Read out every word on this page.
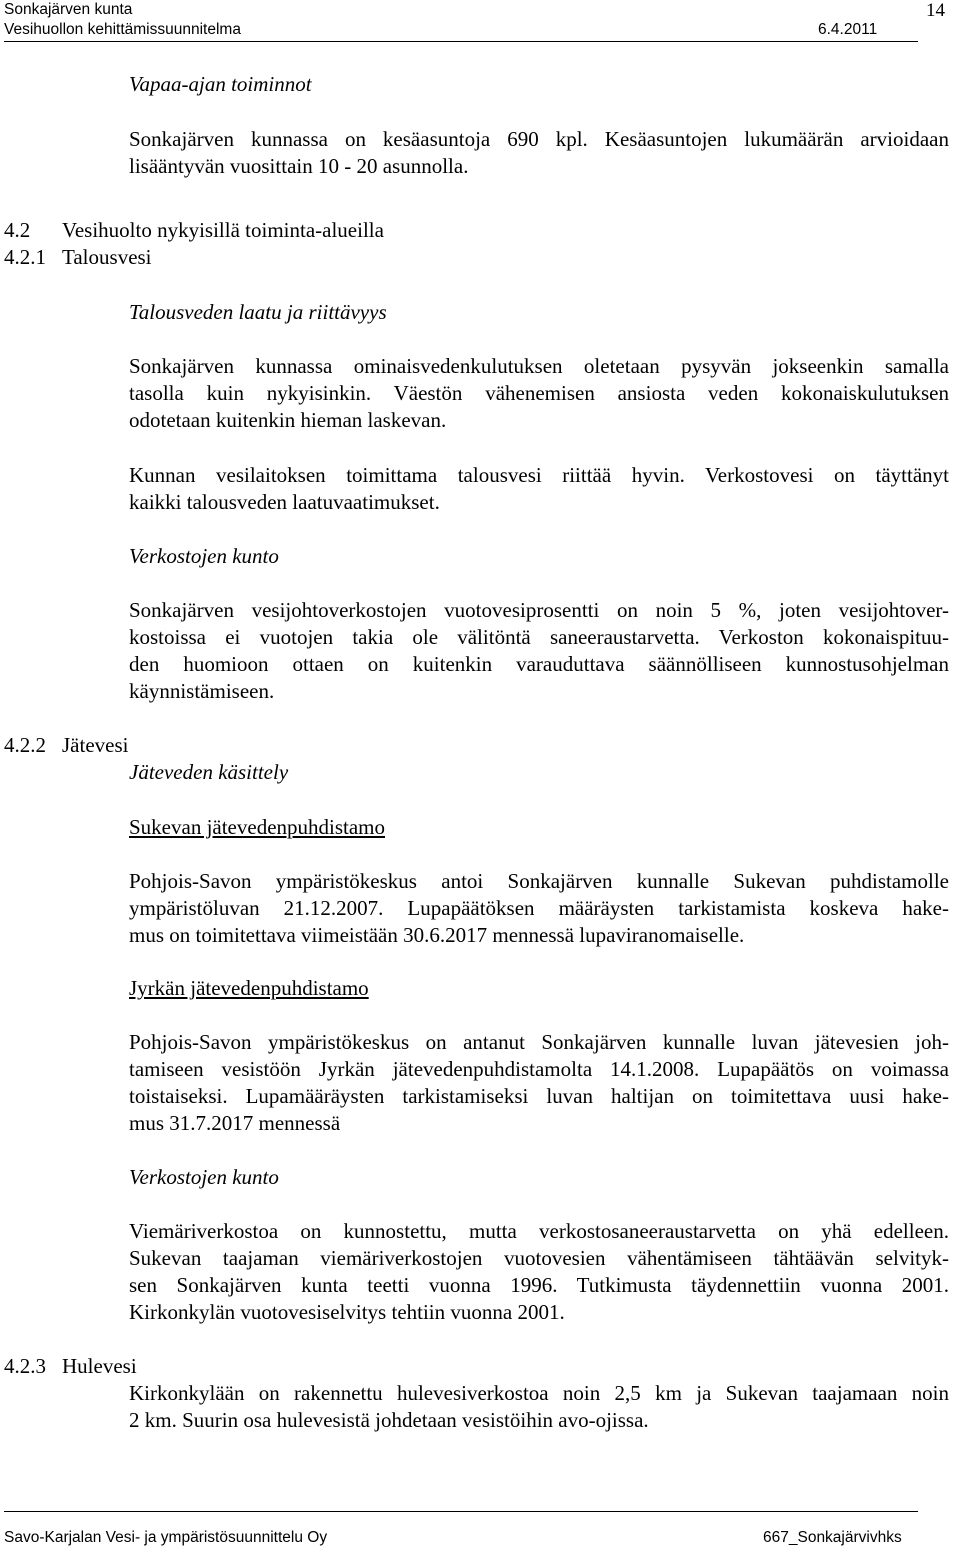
Sonkajärven kunta
Vesihuollon kehittämissuunnitelma	6.4.2011
14
Vapaa-ajan toiminnot
Sonkajärven kunnassa on kesäasuntoja 690 kpl. Kesäasuntojen lukumäärän arvioidaan
lisääntyvän vuosittain 10 - 20 asunnolla.
4.2 Vesihuolto nykyisillä toiminta-alueilla
4.2.1 Talousvesi
Talousveden laatu ja riittävyys
Sonkajärven kunnassa ominaisvedenkulutuksen oletetaan pysyvän jokseenkin samalla
tasolla kuin nykyisinkin. Väestön vähenemisen ansiosta veden kokonaiskulutuksen
odotetaan kuitenkin hieman laskevan.
Kunnan vesilaitoksen toimittama talousvesi riittää hyvin. Verkostovesi on täyttänyt
kaikki talousveden laatuvaatimukset.
Verkostojen kunto
Sonkajärven vesijohtoverkostojen vuotovesiprosentti on noin 5 %, joten vesijohtover-
kostoissa ei vuotojen takia ole välitöntä saneeraustarvetta. Verkoston kokonaispituu-
den huomioon ottaen on kuitenkin varauduttava säännölliseen kunnostusohjelman
käynnistämiseen.
4.2.2 Jätevesi
Jäteveden käsittely
Sukevan jätevedenpuhdistamo
Pohjois-Savon ympäristökeskus antoi Sonkajärven kunnalle Sukevan puhdistamolle
ympäristöluvan 21.12.2007. Lupapäätöksen määräysten tarkistamista koskeva hake-
mus on toimitettava viimeistään 30.6.2017 mennessä lupaviranomaiselle.
Jyrkän jätevedenpuhdistamo
Pohjois-Savon ympäristökeskus on antanut Sonkajärven kunnalle luvan jätevesien joh-
tamiseen vesistöön Jyrkän jätevedenpuhdistamolta 14.1.2008. Lupapäätös on voimassa
toistaiseksi. Lupamääräysten tarkistamiseksi luvan haltijan on toimitettava uusi hake-
mus 31.7.2017 mennessä
Verkostojen kunto
Viemäriverkostoa on kunnostettu, mutta verkostosaneeraustarvetta on yhä edelleen.
Sukevan taajaman viemäriverkostojen vuotovesien vähentämiseen tähtäävän selvityk-
sen Sonkajärven kunta teetti vuonna 1996. Tutkimusta täydennettiin vuonna 2001.
Kirkonkylän vuotovesiselvitys tehtiin vuonna 2001.
4.2.3 Hulevesi
Kirkonkylään on rakennettu hulevesiverkostoa noin 2,5 km ja Sukevan taajamaan noin
2 km. Suurin osa hulevesistä johdetaan vesistöihin avo-ojissa.
Savo-Karjalan Vesi- ja ympäristösuunnittelu Oy	667_Sonkajärvivhks
